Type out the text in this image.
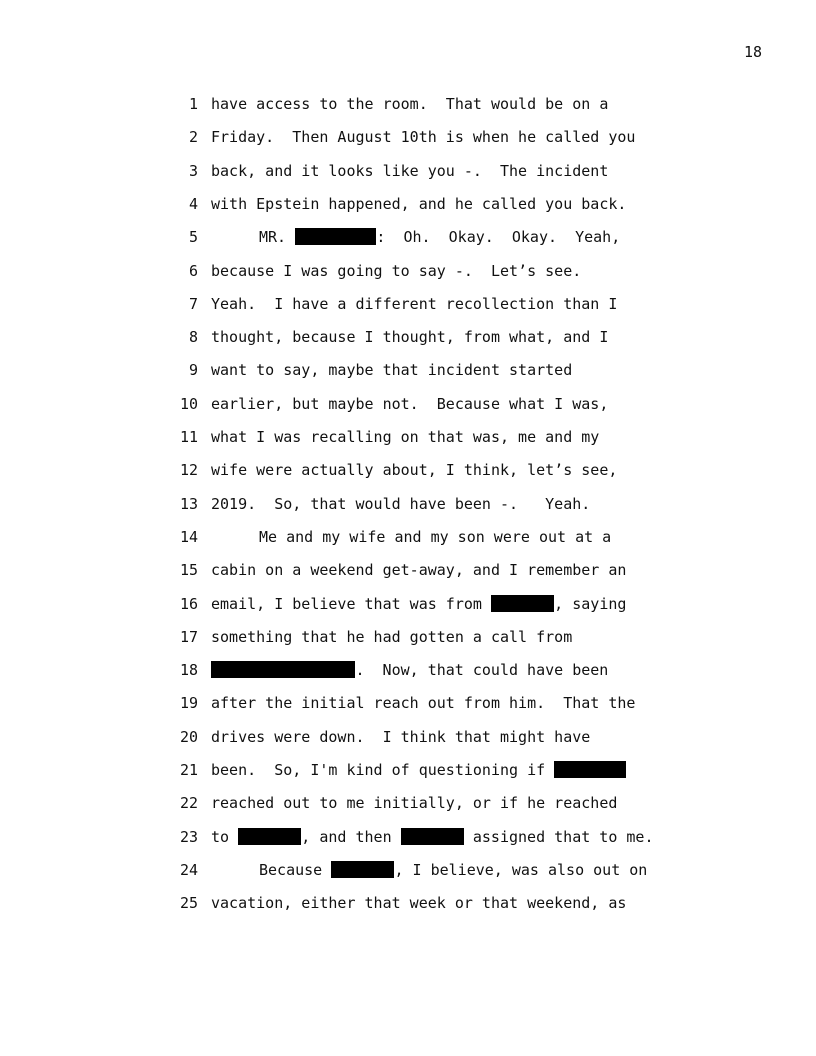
18
1 have access to the room.  That would be on a
2 Friday.  Then August 10th is when he called you
3 back, and it looks like you -.  The incident
4 with Epstein happened, and he called you back.
5	MR.	:  Oh.  Okay.  Okay.  Yeah,
6 because I was going to say -.  Let’s see.
7 Yeah.  I have a different recollection than I
8 thought, because I thought, from what, and I
9 want to say, maybe that incident started
10 earlier, but maybe not.  Because what I was,
11 what I was recalling on that was, me and my
12 wife were actually about, I think, let’s see,
13 2019.  So, that would have been -.   Yeah.
14	Me and my wife and my son were out at a
15 cabin on a weekend get-away, and I remember an
16 email, I believe that was from	, saying
17 something that he had gotten a call from
18	.  Now, that could have been
19 after the initial reach out from him.  That the
20 drives were down.  I think that might have
21 been.  So, I'm kind of questioning if
22 reached out to me initially, or if he reached
23 to	, and then	assigned that to me.
24	Because	, I believe, was also out on
25 vacation, either that week or that weekend, as
